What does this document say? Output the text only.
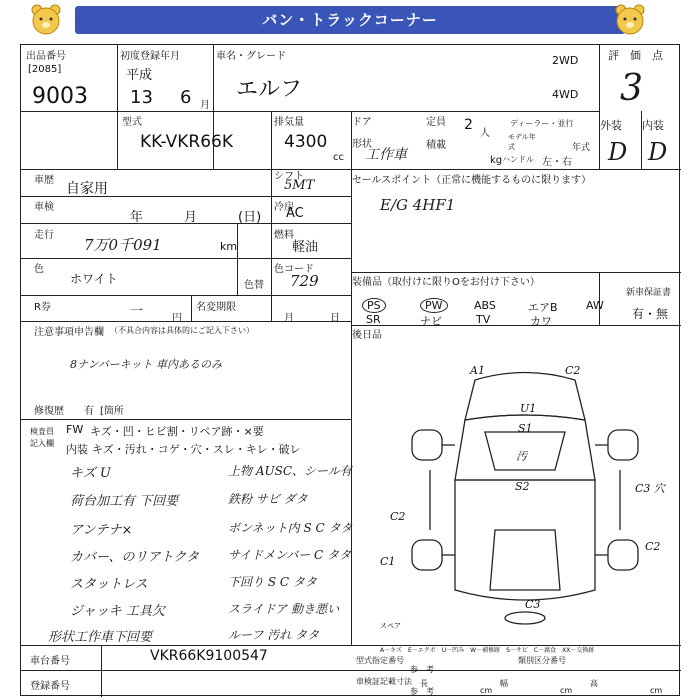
バン・トラックコーナー
出品番号
[2085]
9003
初度登録年月
平成
13 6 月
車名・グレード
エルフ
2WD
4WD
評　価　点
3
型式
KK-VKR66K
排気量
4300
cc
ドア
形状
工作車
定員 2
人
積載
kg
ディーラー・並行
モデル年式	年式
ハンドル 左・右
外装 内装
D D
車歴
自家用
車検
年	月	(日)
走行
7万0千091	km
色
ホワイト	色替
シフト
5MT
冷房
AC
燃料
軽油
色コード
729
R券	一	円
名変期限
月	日
セールスポイント（正常に機能するものに限ります）
E/G 4HF1
装備品（取付けに限りOをお付け下さい）
PS	PW	ABS	エアB	AW
SR	ナビ	TV	カワ
新車保証書
有・無
後日品
注意事項申告欄 （不具合内容は具体的にご記入下さい）
8ナンバーキット 車内あるのみ
修復歴 有 [箇所
検査員
記入欄
FW キズ・凹・ヒビ割・リペア跡・×要
内装 キズ・汚れ・コゲ・穴・スレ・キレ・破レ
キズ U
荷台加工有 下回要
アンテナ×
カバー、のリアトクタ
スタットレス
ジャッキ 工具欠
形状工作車下回要
上物 AUSC、シール有
鉄粉 サビ ダタ
ボンネット内 S C タタ
サイドメンバー C タタ
下回り S C タタ
スライドア 動き悪い
ルーフ 汚れ タタ
A1	C2
U1
S1
汚
S2	C3 穴
C2
C2
C1
C3
スペア
車台番号	VKR66K9100547
登録番号
型式指定番号
参　考
類別区分番号
A－キズ　E－エクボ　U－凹み　W－補修跡　S－サビ　C－腐食　XX－交換跡
車検証記載寸法
参　考
長
cm
幅
cm
高
cm
